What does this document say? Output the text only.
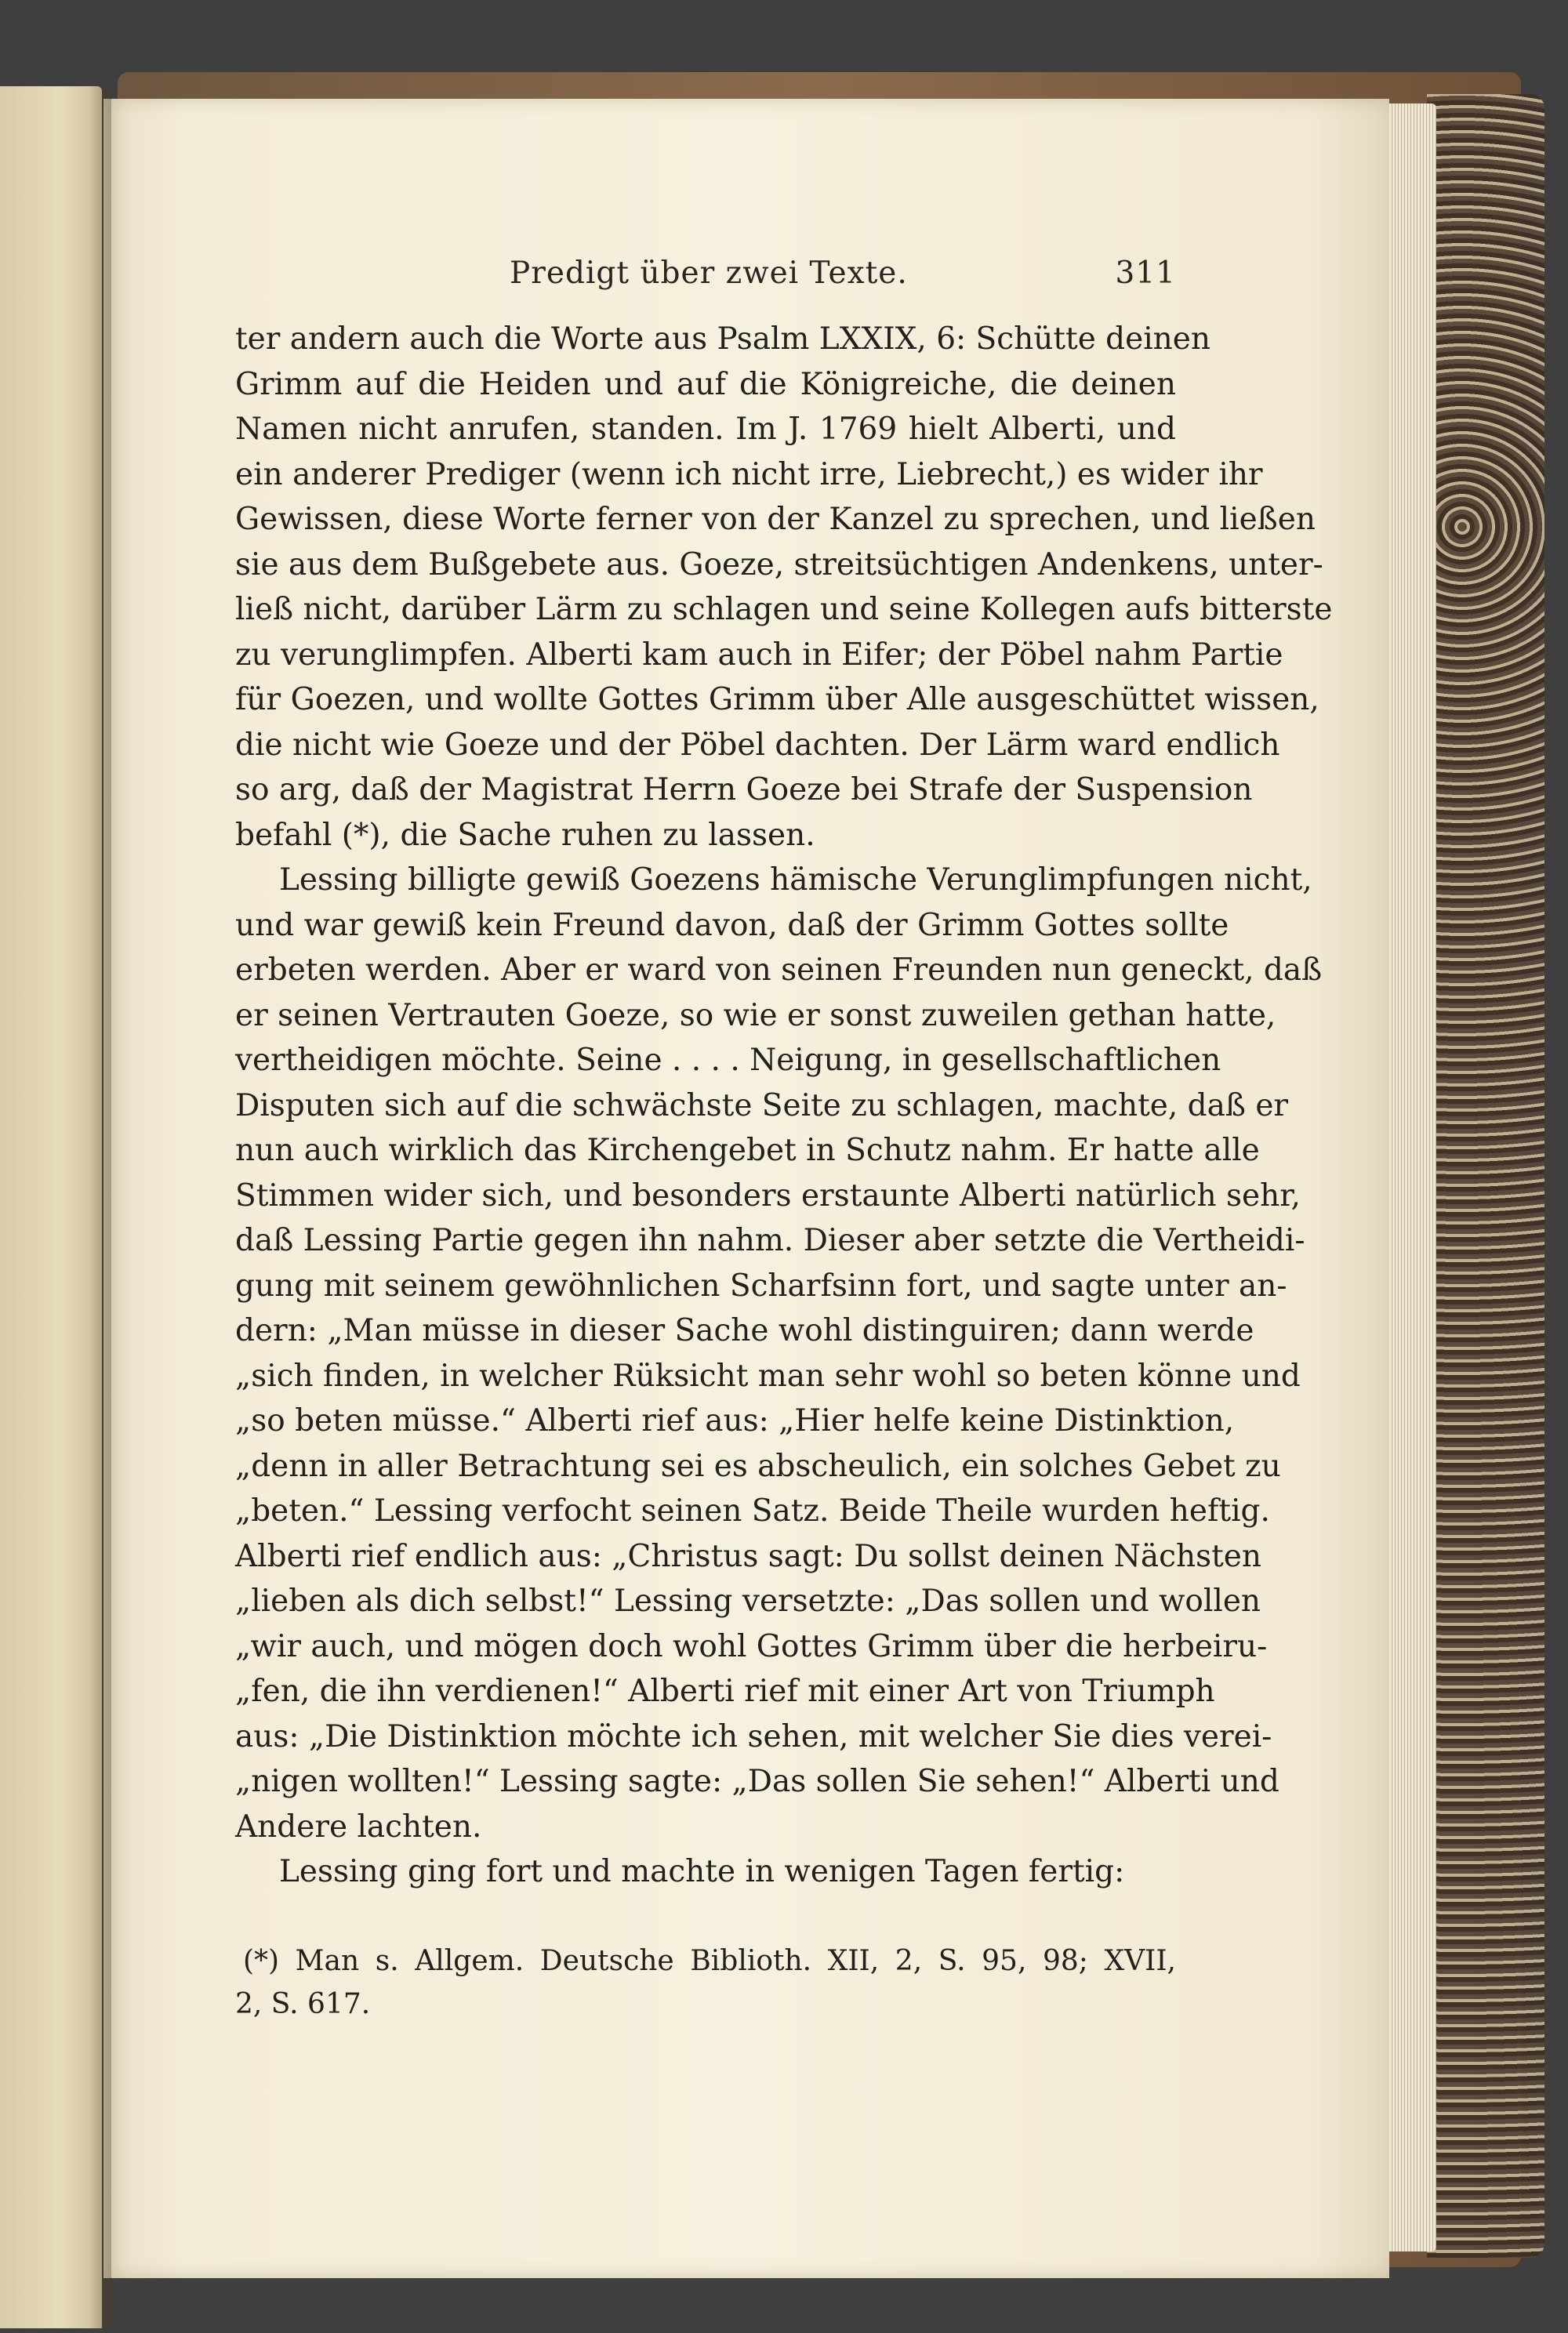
Predigt über zwei Texte.	311
ter andern auch die Worte aus Psalm LXXIX, 6: Schütte deinen
Grimm auf die Heiden und auf die Königreiche, die deinen
Namen nicht anrufen, standen. Im J. 1769 hielt Alberti, und
ein anderer Prediger (wenn ich nicht irre, Liebrecht,) es wider ihr
Gewissen, diese Worte ferner von der Kanzel zu sprechen, und ließen
sie aus dem Bußgebete aus. Goeze, streitsüchtigen Andenkens, unter-
ließ nicht, darüber Lärm zu schlagen und seine Kollegen aufs bitterste
zu verunglimpfen. Alberti kam auch in Eifer; der Pöbel nahm Partie
für Goezen, und wollte Gottes Grimm über Alle ausgeschüttet wissen,
die nicht wie Goeze und der Pöbel dachten. Der Lärm ward endlich
so arg, daß der Magistrat Herrn Goeze bei Strafe der Suspension
befahl (*), die Sache ruhen zu lassen.
Lessing billigte gewiß Goezens hämische Verunglimpfungen nicht,
und war gewiß kein Freund davon, daß der Grimm Gottes sollte
erbeten werden. Aber er ward von seinen Freunden nun geneckt, daß
er seinen Vertrauten Goeze, so wie er sonst zuweilen gethan hatte,
vertheidigen möchte. Seine . . . . Neigung, in gesellschaftlichen
Disputen sich auf die schwächste Seite zu schlagen, machte, daß er
nun auch wirklich das Kirchengebet in Schutz nahm. Er hatte alle
Stimmen wider sich, und besonders erstaunte Alberti natürlich sehr,
daß Lessing Partie gegen ihn nahm. Dieser aber setzte die Vertheidi-
gung mit seinem gewöhnlichen Scharfsinn fort, und sagte unter an-
dern: „Man müsse in dieser Sache wohl distinguiren; dann werde
„sich finden, in welcher Rüksicht man sehr wohl so beten könne und
„so beten müsse.“ Alberti rief aus: „Hier helfe keine Distinktion,
„denn in aller Betrachtung sei es abscheulich, ein solches Gebet zu
„beten.“ Lessing verfocht seinen Satz. Beide Theile wurden heftig.
Alberti rief endlich aus: „Christus sagt: Du sollst deinen Nächsten
„lieben als dich selbst!“ Lessing versetzte: „Das sollen und wollen
„wir auch, und mögen doch wohl Gottes Grimm über die herbeiru-
„fen, die ihn verdienen!“ Alberti rief mit einer Art von Triumph
aus: „Die Distinktion möchte ich sehen, mit welcher Sie dies verei-
„nigen wollten!“ Lessing sagte: „Das sollen Sie sehen!“ Alberti und
Andere lachten.
Lessing ging fort und machte in wenigen Tagen fertig:
(*) Man s. Allgem. Deutsche Biblioth. XII, 2, S. 95, 98; XVII,
2, S. 617.
